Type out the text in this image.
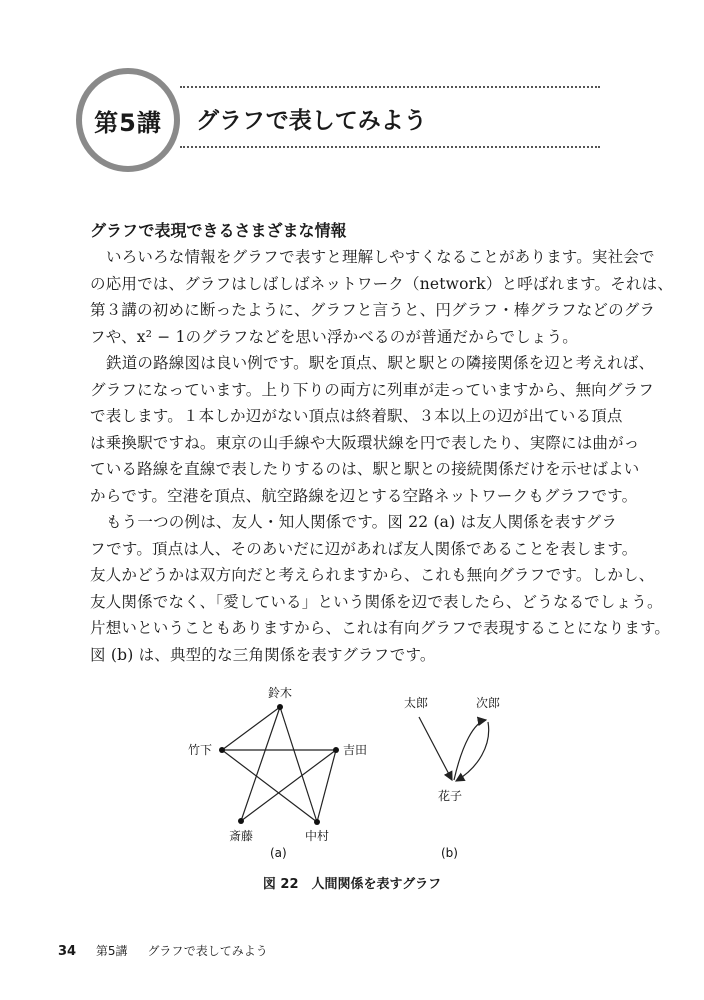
第5講 グラフで表してみよう
グラフで表現できるさまざまな情報
いろいろな情報をグラフで表すと理解しやすくなることがあります。実社会で
の応用では、グラフはしばしばネットワーク（network）と呼ばれます。それは、
第３講の初めに断ったように、グラフと言うと、円グラフ・棒グラフなどのグラ
フや、x² − 1のグラフなどを思い浮かべるのが普通だからでしょう。
鉄道の路線図は良い例です。駅を頂点、駅と駅との隣接関係を辺と考えれば、
グラフになっています。上り下りの両方に列車が走っていますから、無向グラフ
で表します。１本しか辺がない頂点は終着駅、３本以上の辺が出ている頂点
は乗換駅ですね。東京の山手線や大阪環状線を円で表したり、実際には曲がっ
ている路線を直線で表したりするのは、駅と駅との接続関係だけを示せばよい
からです。空港を頂点、航空路線を辺とする空路ネットワークもグラフです。
もう一つの例は、友人・知人関係です。図 22 (a) は友人関係を表すグラ
フです。頂点は人、そのあいだに辺があれば友人関係であることを表します。
友人かどうかは双方向だと考えられますから、これも無向グラフです。しかし、
友人関係でなく、「愛している」という関係を辺で表したら、どうなるでしょう。
片想いということもありますから、これは有向グラフで表現することになります。
図 (b) は、典型的な三角関係を表すグラフです。
鈴木
竹下	吉田
斎藤	中村
(a)
太郎	次郎
花子
(b)
図 22　人間関係を表すグラフ
34 第5講 グラフで表してみよう
